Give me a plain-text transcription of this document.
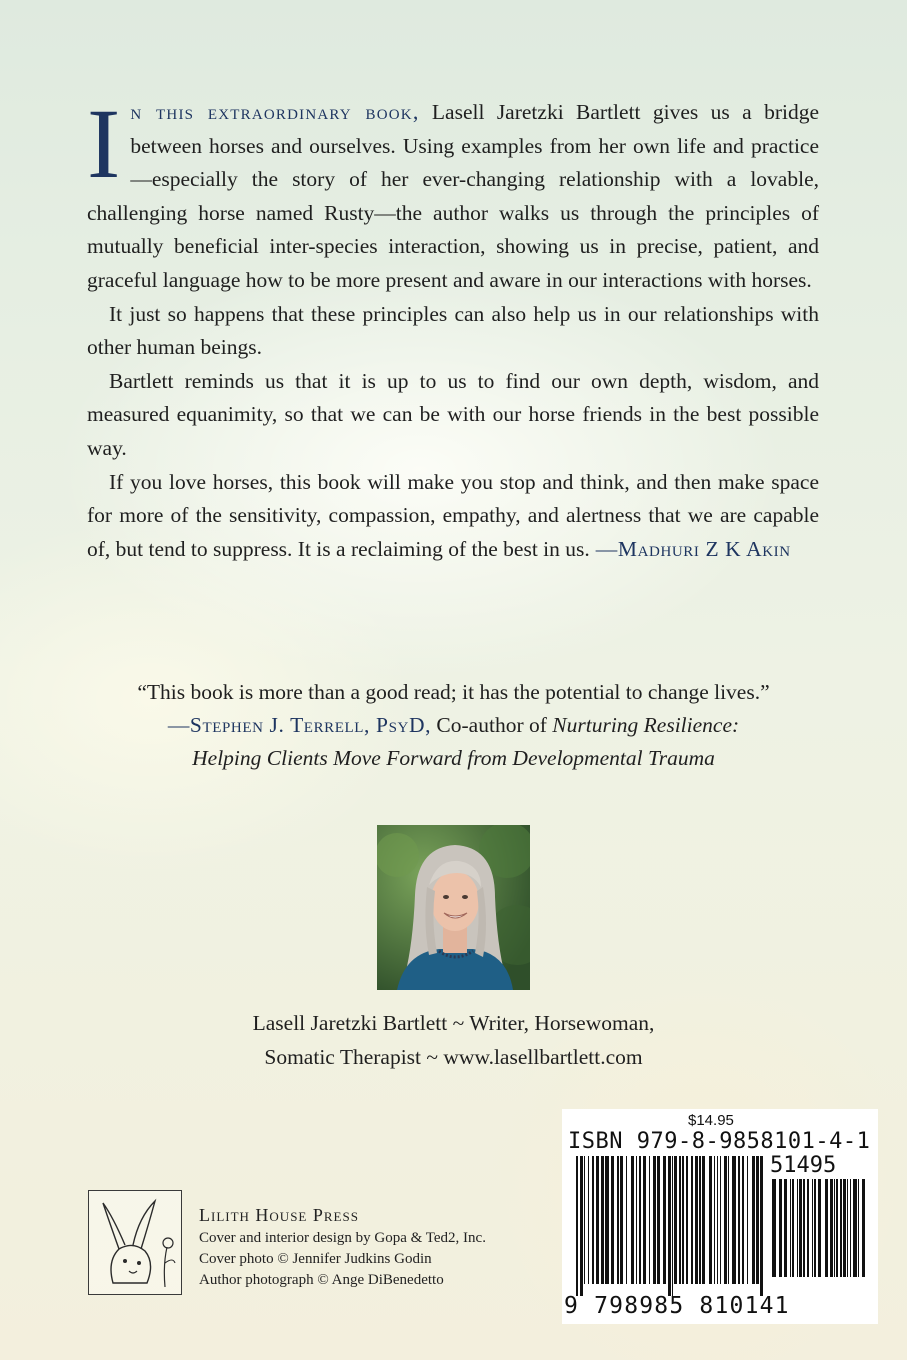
In this extraordinary book, Lasell Jaretzki Bartlett gives us a bridge between horses and ourselves. Using examples from her own life and practice—especially the story of her ever-changing relationship with a lovable, challenging horse named Rusty—the author walks us through the principles of mutually beneficial inter-species interaction, showing us in precise, patient, and graceful language how to be more present and aware in our interactions with horses.

It just so happens that these principles can also help us in our relationships with other human beings.

Bartlett reminds us that it is up to us to find our own depth, wisdom, and measured equanimity, so that we can be with our horse friends in the best possible way.

If you love horses, this book will make you stop and think, and then make space for more of the sensitivity, compassion, empathy, and alertness that we are capable of, but tend to suppress. It is a reclaiming of the best in us. —Madhuri Z K Akin

“This book is more than a good read; it has the potential to change lives.”
—Stephen J. Terrell, PsyD, Co-author of Nurturing Resilience:
Helping Clients Move Forward from Developmental Trauma
Lasell Jaretzki Bartlett ~ Writer, Horsewoman,
Somatic Therapist ~ www.lasellbartlett.com
$14.95
ISBN 979-8-9858101-4-1
51495
9 798985 810141
Lilith House Press
Cover and interior design by Gopa & Ted2, Inc.
Cover photo © Jennifer Judkins Godin
Author photograph © Ange DiBenedetto
